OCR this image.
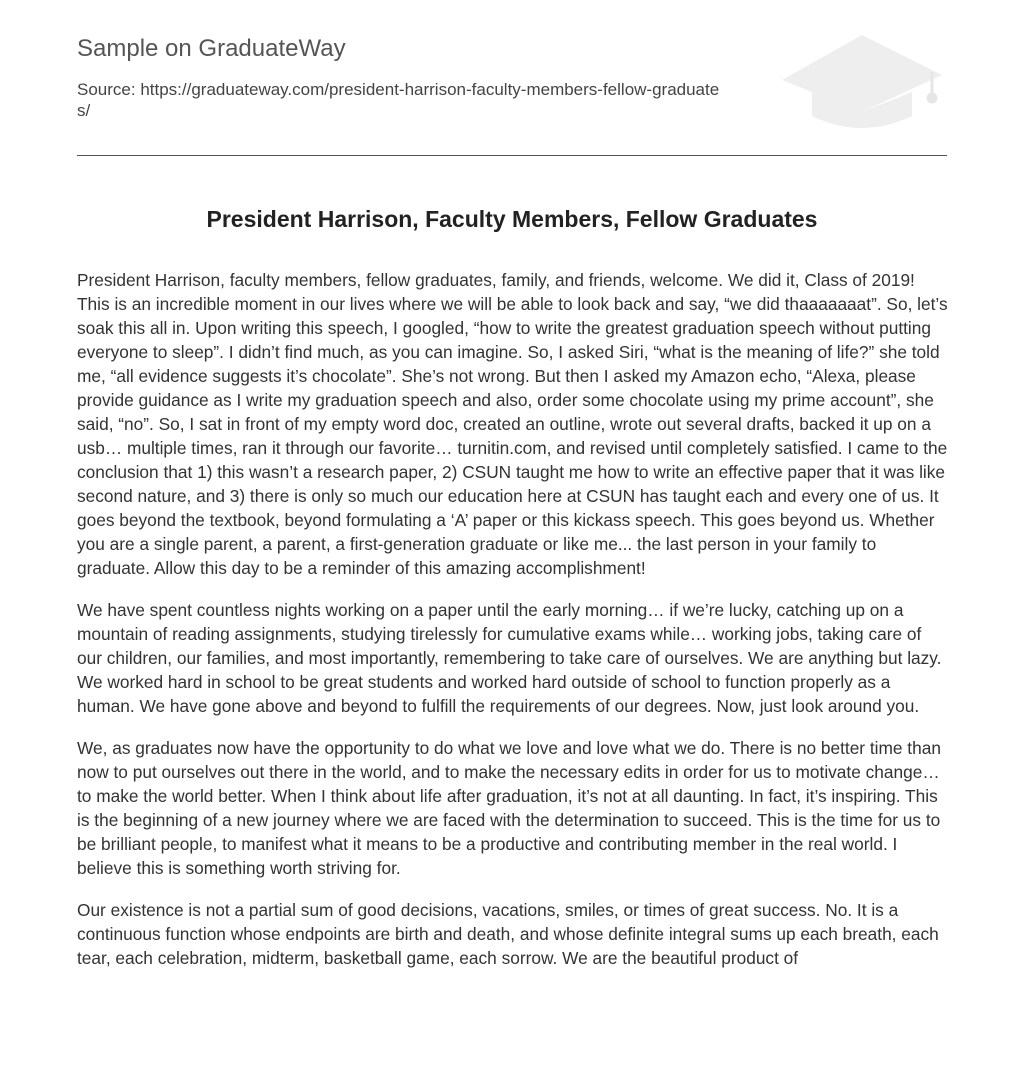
Sample on GraduateWay
Source: https://graduateway.com/president-harrison-faculty-members-fellow-graduates/
President Harrison, Faculty Members, Fellow Graduates

President Harrison, faculty members, fellow graduates, family, and friends, welcome. We did it, Class of 2019! This is an incredible moment in our lives where we will be able to look back and say, “we did thaaaaaaat”. So, let’s soak this all in. Upon writing this speech, I googled, “how to write the greatest graduation speech without putting everyone to sleep”. I didn’t find much, as you can imagine. So, I asked Siri, “what is the meaning of life?” she told me, “all evidence suggests it’s chocolate”. She’s not wrong. But then I asked my Amazon echo, “Alexa, please provide guidance as I write my graduation speech and also, order some chocolate using my prime account”, she said, “no”. So, I sat in front of my empty word doc, created an outline, wrote out several drafts, backed it up on a usb… multiple times, ran it through our favorite… turnitin.com, and revised until completely satisfied. I came to the conclusion that 1) this wasn’t a research paper, 2) CSUN taught me how to write an effective paper that it was like second nature, and 3) there is only so much our education here at CSUN has taught each and every one of us. It goes beyond the textbook, beyond formulating a ‘A’ paper or this kickass speech. This goes beyond us. Whether you are a single parent, a parent, a first-generation graduate or like me... the last person in your family to graduate. Allow this day to be a reminder of this amazing accomplishment!

We have spent countless nights working on a paper until the early morning… if we’re lucky, catching up on a mountain of reading assignments, studying tirelessly for cumulative exams while… working jobs, taking care of our children, our families, and most importantly, remembering to take care of ourselves. We are anything but lazy. We worked hard in school to be great students and worked hard outside of school to function properly as a human. We have gone above and beyond to fulfill the requirements of our degrees. Now, just look around you.

We, as graduates now have the opportunity to do what we love and love what we do. There is no better time than now to put ourselves out there in the world, and to make the necessary edits in order for us to motivate change… to make the world better. When I think about life after graduation, it’s not at all daunting. In fact, it’s inspiring. This is the beginning of a new journey where we are faced with the determination to succeed. This is the time for us to be brilliant people, to manifest what it means to be a productive and contributing member in the real world. I believe this is something worth striving for.

Our existence is not a partial sum of good decisions, vacations, smiles, or times of great success. No. It is a continuous function whose endpoints are birth and death, and whose definite integral sums up each breath, each tear, each celebration, midterm, basketball game, each sorrow. We are the beautiful product of
